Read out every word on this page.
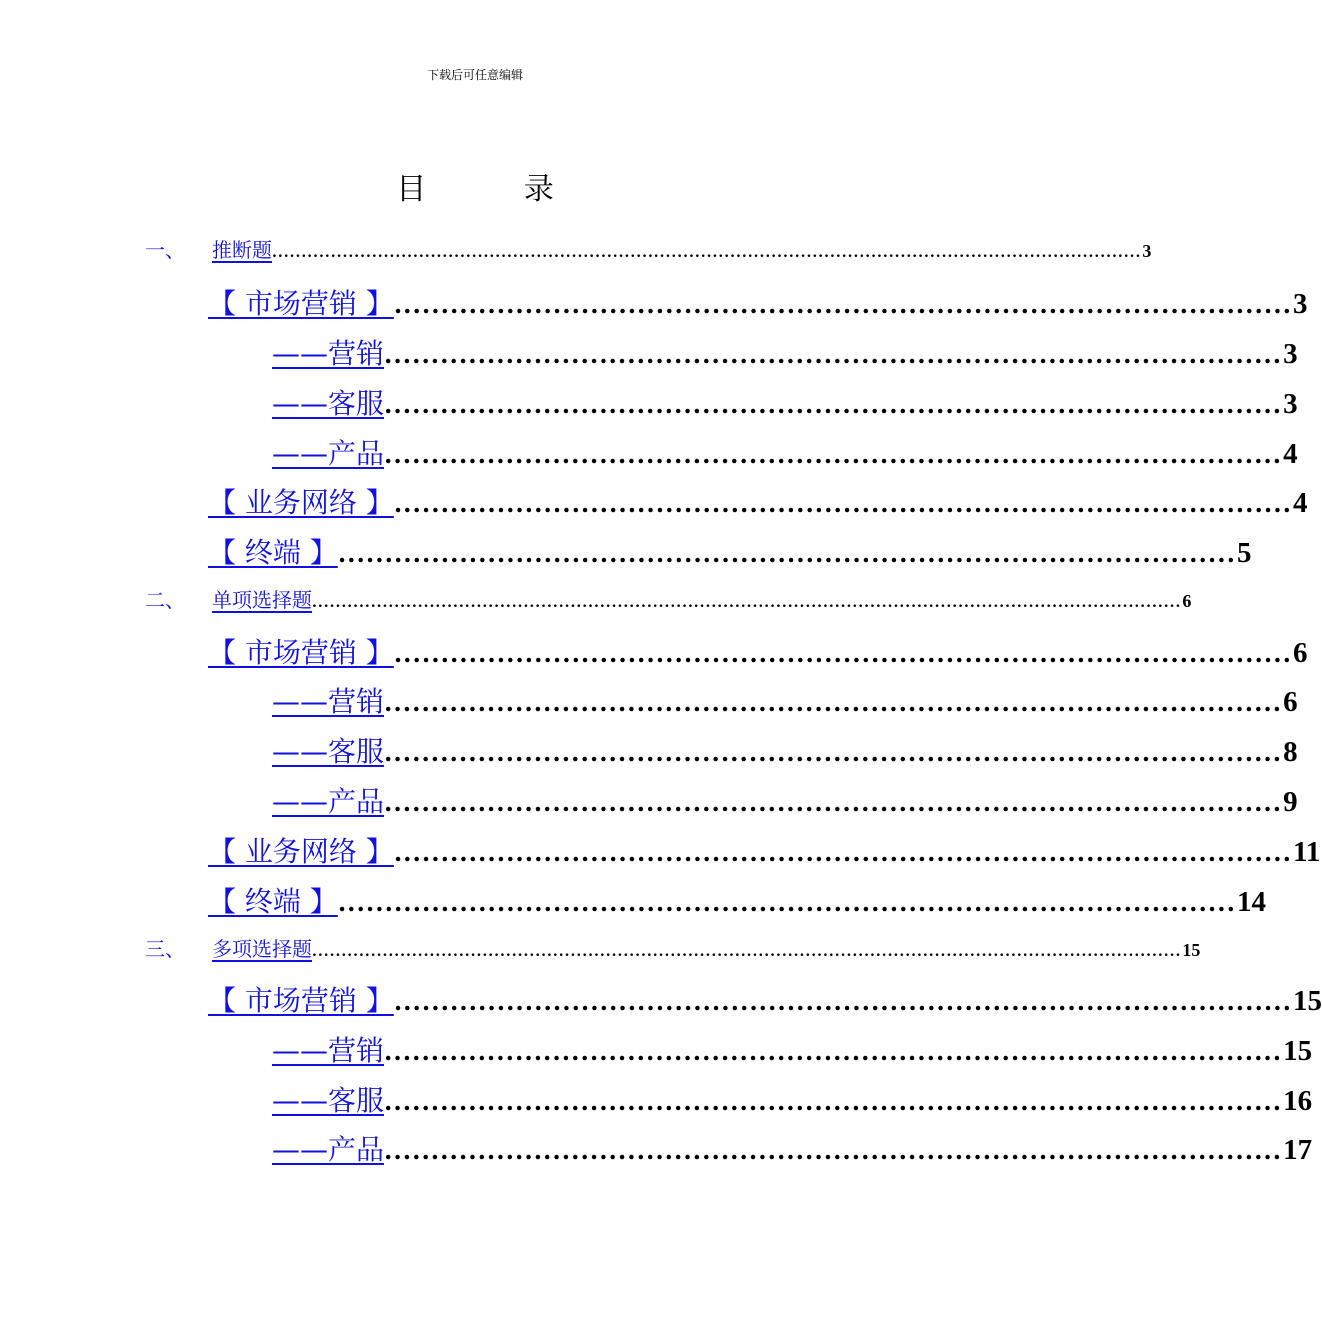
下载后可任意编辑
目 录
一、 推断题 .................................................................................................................................................... 3
【 市场营销 】 ................................................................................................ 3
——营销 ................................................................................................ 3
——客服 ................................................................................................ 3
——产品 ................................................................................................ 4
【 业务网络 】 ................................................................................................ 4
【 终端 】 ................................................................................................ 5
二、 单项选择题 .................................................................................................................................................... 6
【 市场营销 】 ................................................................................................ 6
——营销 ................................................................................................ 6
——客服 ................................................................................................ 8
——产品 ................................................................................................ 9
【 业务网络 】 ................................................................................................ 11
【 终端 】 ................................................................................................ 14
三、 多项选择题 .................................................................................................................................................... 15
【 市场营销 】 ................................................................................................ 15
——营销 ................................................................................................ 15
——客服 ................................................................................................ 16
——产品 ................................................................................................ 17
